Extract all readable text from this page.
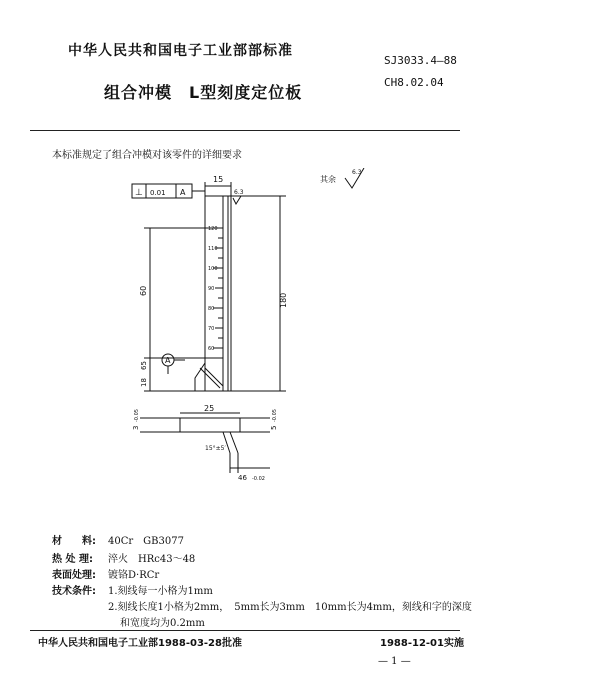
中华人民共和国电子工业部部标准
组合冲模　L型刻度定位板
SJ3033.4—88
CH8.02.04
本标准规定了组合冲模对该零件的详细要求
⊥ 0.01 A
A
15
6.3
其余
6.3
180
60
65
18
25
3
-0.05
5
-0.05
15°±5′
46 -0.02
120
110
100
90
80
70
60
材　　料: 40Cr　GB3077
热 处 理: 淬火　HRc43～48
表面处理: 镀铬D·RCr
技术条件: 1.刻线每一小格为1mm
2.刻线长度1小格为2mm，　5mm长为3mm　10mm长为4mm，刻线和字的深度
和宽度均为0.2mm
中华人民共和国电子工业部1988-03-28批准	1988-12-01实施
— 1 —
